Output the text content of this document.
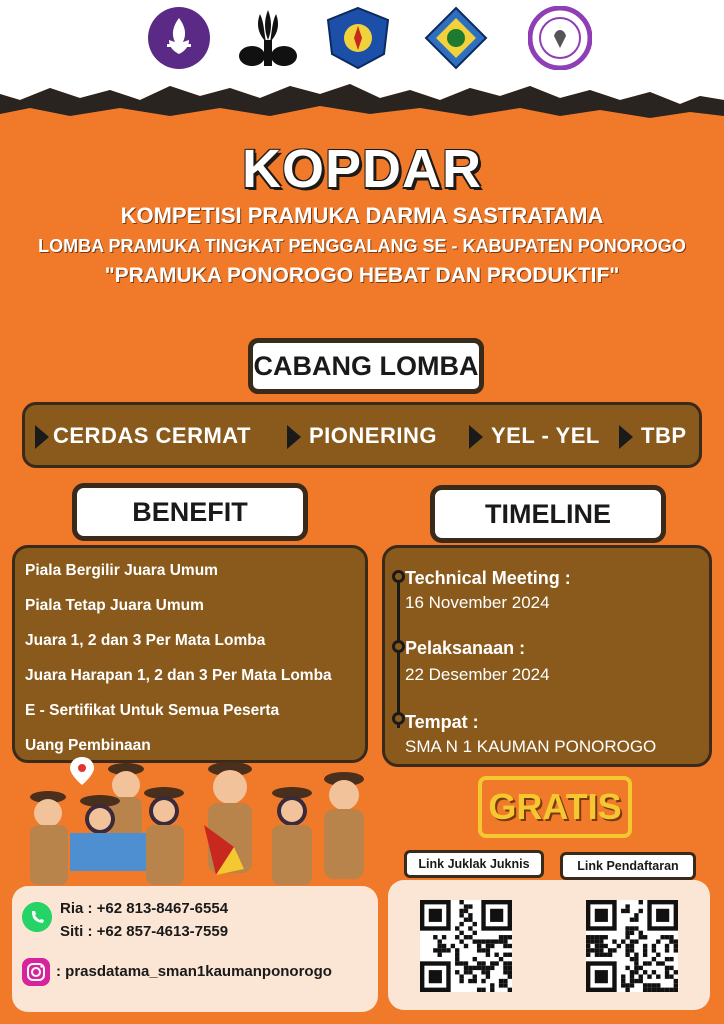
KOPDAR
KOMPETISI PRAMUKA DARMA SASTRATAMA
LOMBA PRAMUKA TINGKAT PENGGALANG SE - KABUPATEN PONOROGO
"PRAMUKA PONOROGO HEBAT DAN PRODUKTIF"
CABANG LOMBA
CERDAS CERMAT	PIONERING YEL - YEL TBP
BENEFIT	TIMELINE
Piala Bergilir Juara Umum
Piala Tetap Juara Umum
Juara 1, 2 dan 3 Per Mata Lomba
Juara Harapan 1, 2 dan 3 Per Mata Lomba
E - Sertifikat Untuk Semua Peserta
Uang Pembinaan
Technical Meeting :
16 November 2024
Pelaksanaan :
22 Desember 2024
Tempat :
SMA N 1 KAUMAN PONOROGO
GRATIS
Ria : +62 813-8467-6554
Siti : +62 857-4613-7559
: prasdatama_sman1kaumanponorogo
Link Juklak Juknis	Link Pendaftaran
